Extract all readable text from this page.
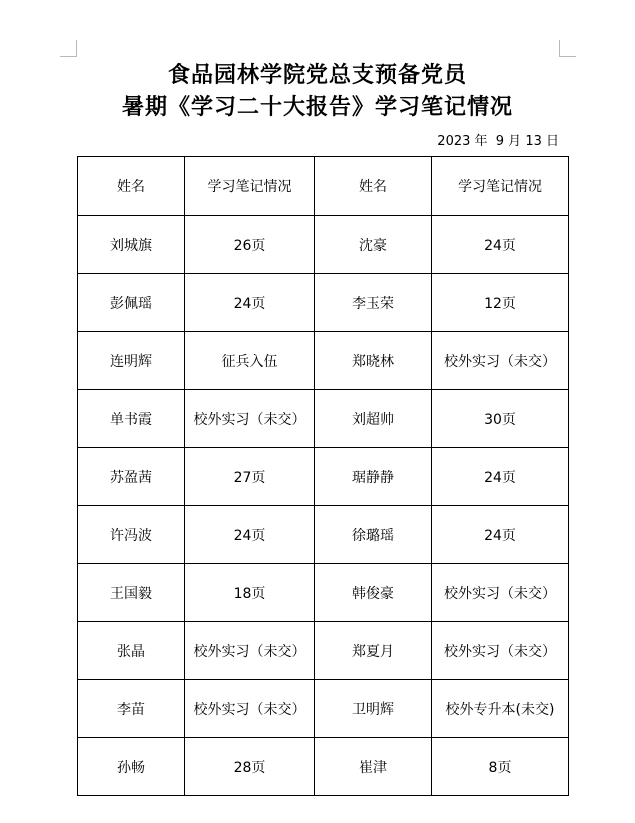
食品园林学院党总支预备党员
暑期《学习二十大报告》学习笔记情况
2023 年  9 月 13 日
姓名	学习笔记情况	姓名	学习笔记情况
刘城旗	26页	沈豪	24页
彭佩瑶	24页	李玉荣	12页
连明辉	征兵入伍	郑晓林	校外实习（未交）
单书霞	校外实习（未交）	刘超帅	30页
苏盈茜	27页	琚静静	24页
许冯波	24页	徐璐瑶	24页
王国毅	18页	韩俊豪	校外实习（未交）
张晶	校外实习（未交）	郑夏月	校外实习（未交）
李苗	校外实习（未交）	卫明辉	校外专升本(未交)
孙畅	28页	崔津	8页
